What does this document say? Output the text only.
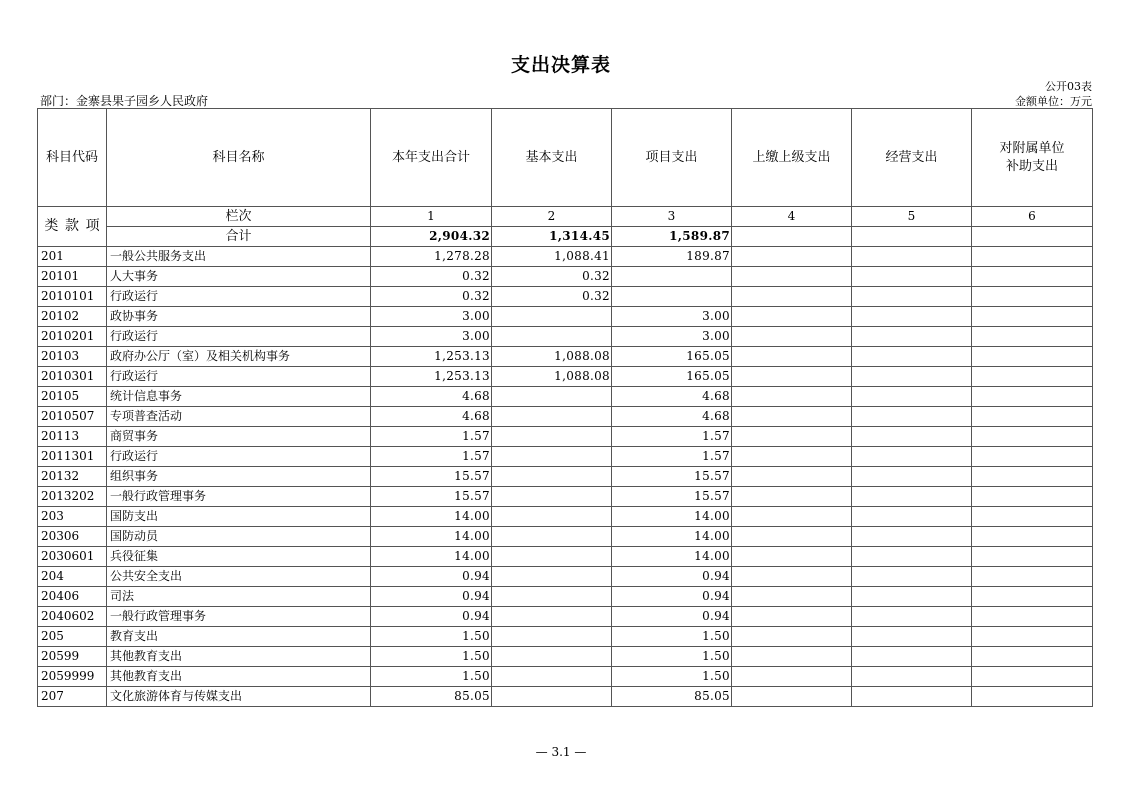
支出决算表
公开03表
部门：金寨县果子园乡人民政府	金额单位：万元
科目代码	科目名称	本年支出合计	基本支出	项目支出	上缴上级支出	经营支出	对附属单位
补助支出

类 款 项	栏次	1	2	3	4	5	6
	合计	2,904.32	1,314.45	1,589.87			
201	一般公共服务支出	1,278.28	1,088.41	189.87			
20101	人大事务	0.32	0.32				
2010101	行政运行	0.32	0.32				
20102	政协事务	3.00		3.00			
2010201	行政运行	3.00		3.00			
20103	政府办公厅（室）及相关机构事务	1,253.13	1,088.08	165.05			
2010301	行政运行	1,253.13	1,088.08	165.05			
20105	统计信息事务	4.68		4.68			
2010507	专项普查活动	4.68		4.68			
20113	商贸事务	1.57		1.57			
2011301	行政运行	1.57		1.57			
20132	组织事务	15.57		15.57			
2013202	一般行政管理事务	15.57		15.57			
203	国防支出	14.00		14.00			
20306	国防动员	14.00		14.00			
2030601	兵役征集	14.00		14.00			
204	公共安全支出	0.94		0.94			
20406	司法	0.94		0.94			
2040602	一般行政管理事务	0.94		0.94			
205	教育支出	1.50		1.50			
20599	其他教育支出	1.50		1.50			
2059999	其他教育支出	1.50		1.50			
207	文化旅游体育与传媒支出	85.05		85.05			
— 3.1 —
